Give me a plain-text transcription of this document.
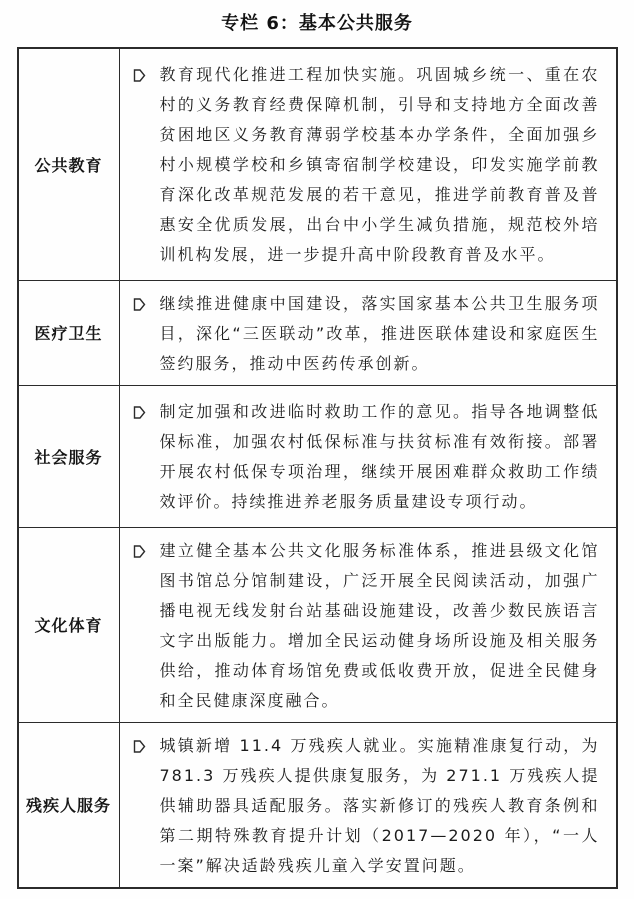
专栏 6：基本公共服务
公共教育	教育现代化推进工程加快实施。巩固城乡统一、重在农村的义务教育经费保障机制，引导和支持地方全面改善贫困地区义务教育薄弱学校基本办学条件，全面加强乡村小规模学校和乡镇寄宿制学校建设，印发实施学前教育深化改革规范发展的若干意见，推进学前教育普及普惠安全优质发展，出台中小学生减负措施，规范校外培训机构发展，进一步提升高中阶段教育普及水平。

医疗卫生	继续推进健康中国建设，落实国家基本公共卫生服务项目，深化“三医联动”改革，推进医联体建设和家庭医生签约服务，推动中医药传承创新。

社会服务	制定加强和改进临时救助工作的意见。指导各地调整低保标准，加强农村低保标准与扶贫标准有效衔接。部署开展农村低保专项治理，继续开展困难群众救助工作绩效评价。持续推进养老服务质量建设专项行动。

文化体育	建立健全基本公共文化服务标准体系，推进县级文化馆图书馆总分馆制建设，广泛开展全民阅读活动，加强广播电视无线发射台站基础设施建设，改善少数民族语言文字出版能力。增加全民运动健身场所设施及相关服务供给，推动体育场馆免费或低收费开放，促进全民健身和全民健康深度融合。

残疾人服务	城镇新增 11.4 万残疾人就业。实施精准康复行动，为 781.3 万残疾人提供康复服务，为 271.1 万残疾人提供辅助器具适配服务。落实新修订的残疾人教育条例和第二期特殊教育提升计划（2017—2020 年），“一人一案”解决适龄残疾儿童入学安置问题。
